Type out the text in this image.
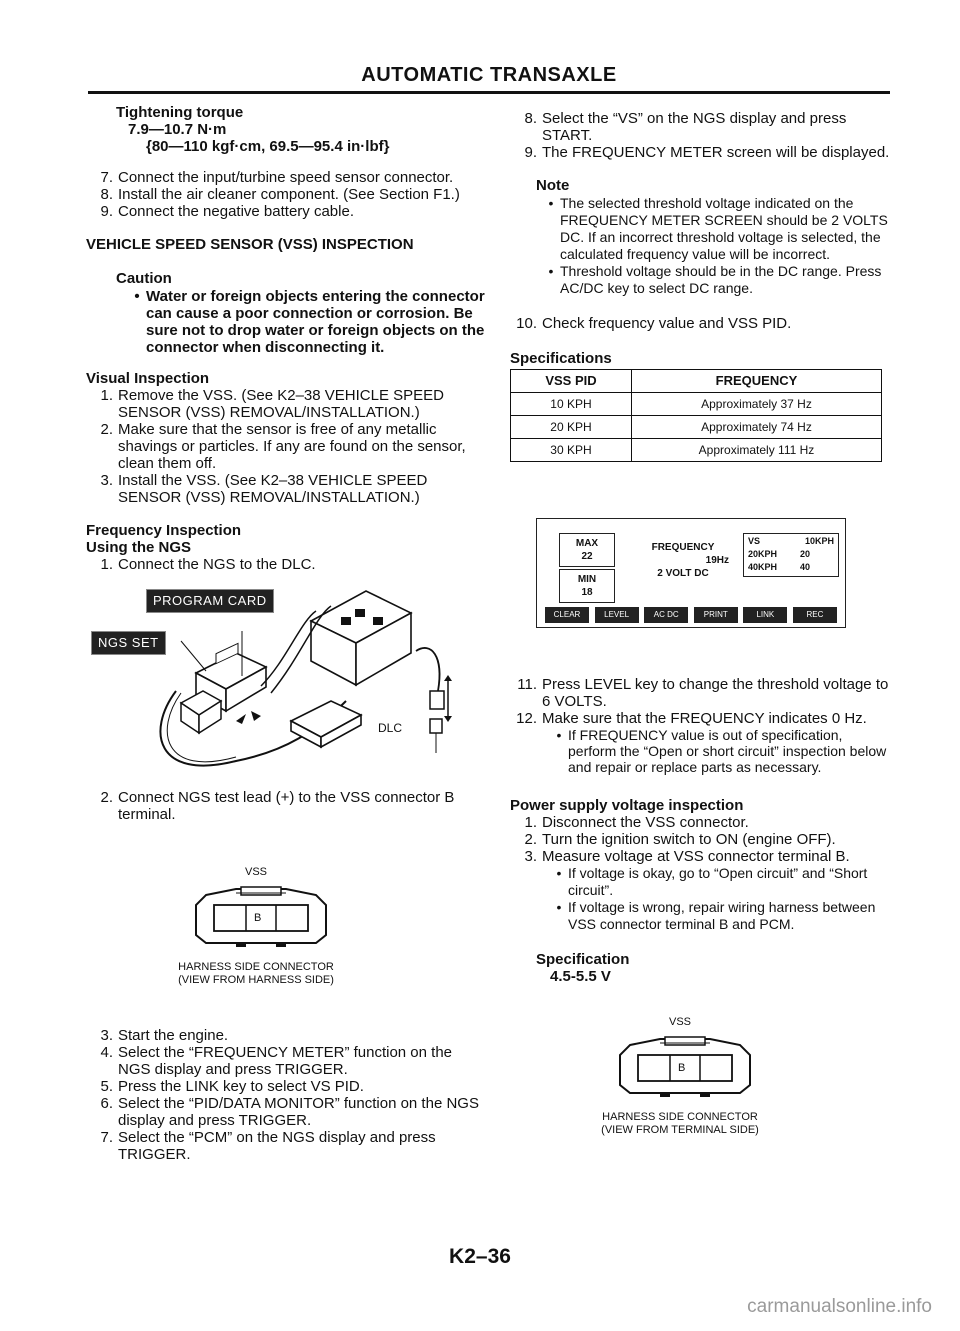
AUTOMATIC TRANSAXLE
Tightening torque
7.9—10.7 N·m
{80—110 kgf·cm, 69.5—95.4 in·lbf}
7. Connect the input/turbine speed sensor connector.
8. Install the air cleaner component. (See Section F1.)
9. Connect the negative battery cable.
VEHICLE SPEED SENSOR (VSS) INSPECTION
Caution
• Water or foreign objects entering the connector can cause a poor connection or corrosion. Be sure not to drop water or foreign objects on the connector when disconnecting it.
Visual Inspection
1. Remove the VSS. (See K2–38 VEHICLE SPEED SENSOR (VSS) REMOVAL/INSTALLATION.)
2. Make sure that the sensor is free of any metallic shavings or particles. If any are found on the sensor, clean them off.
3. Install the VSS. (See K2–38 VEHICLE SPEED SENSOR (VSS) REMOVAL/INSTALLATION.)
Frequency Inspection
Using the NGS
1. Connect the NGS to the DLC.
PROGRAM CARD
NGS SET
DLC
2. Connect NGS test lead (+) to the VSS connector B terminal.
VSS
B
HARNESS SIDE CONNECTOR
(VIEW FROM HARNESS SIDE)
3. Start the engine.
4. Select the “FREQUENCY METER” function on the NGS display and press TRIGGER.
5. Press the LINK key to select VS PID.
6. Select the “PID/DATA MONITOR” function on the NGS display and press TRIGGER.
7. Select the “PCM” on the NGS display and press TRIGGER.
8. Select the “VS” on the NGS display and press START.
9. The FREQUENCY METER screen will be displayed.
Note
• The selected threshold voltage indicated on the FREQUENCY METER SCREEN should be 2 VOLTS DC. If an incorrect threshold voltage is selected, the calculated frequency value will be incorrect.
• Threshold voltage should be in the DC range. Press AC/DC key to select DC range.
10. Check frequency value and VSS PID.
Specifications
VSS PID	FREQUENCY
10 KPH	Approximately 37 Hz
20 KPH	Approximately 74 Hz
30 KPH	Approximately 111 Hz
MAX
22
MIN
18
FREQUENCY
19Hz
2 VOLT DC
VS	10KPH
20KPH	20
40KPH	40
CLEAR	LEVEL	AC DC	PRINT	LINK	REC
11. Press LEVEL key to change the threshold voltage to 6 VOLTS.
12. Make sure that the FREQUENCY indicates 0 Hz.
• If FREQUENCY value is out of specification, perform the “Open or short circuit” inspection below and repair or replace parts as necessary.
Power supply voltage inspection
1. Disconnect the VSS connector.
2. Turn the ignition switch to ON (engine OFF).
3. Measure voltage at VSS connector terminal B.
• If voltage is okay, go to “Open circuit” and “Short circuit”.
• If voltage is wrong, repair wiring harness between VSS connector terminal B and PCM.
Specification
4.5-5.5 V
VSS
B
HARNESS SIDE CONNECTOR
(VIEW FROM TERMINAL SIDE)
K2–36
carmanualsonline.info
